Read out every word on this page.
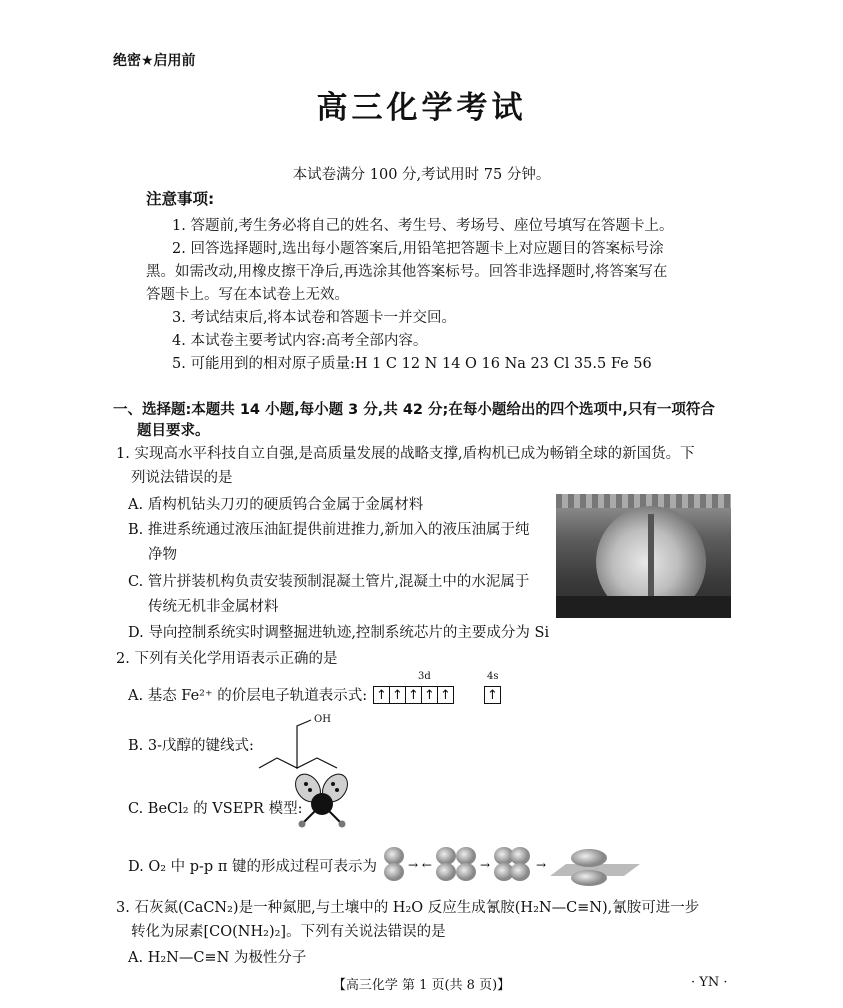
绝密★启用前
高三化学考试
本试卷满分 100 分,考试用时 75 分钟。
注意事项:
1. 答题前,考生务必将自己的姓名、考生号、考场号、座位号填写在答题卡上。
2. 回答选择题时,选出每小题答案后,用铅笔把答题卡上对应题目的答案标号涂
黑。如需改动,用橡皮擦干净后,再选涂其他答案标号。回答非选择题时,将答案写在
答题卡上。写在本试卷上无效。
3. 考试结束后,将本试卷和答题卡一并交回。
4. 本试卷主要考试内容:高考全部内容。
5. 可能用到的相对原子质量:H 1 C 12 N 14 O 16 Na 23 Cl 35.5 Fe 56
一、选择题:本题共 14 小题,每小题 3 分,共 42 分;在每小题给出的四个选项中,只有一项符合
题目要求。
1. 实现高水平科技自立自强,是高质量发展的战略支撑,盾构机已成为畅销全球的新国货。下
列说法错误的是
A. 盾构机钻头刀刃的硬质钨合金属于金属材料
B. 推进系统通过液压油缸提供前进推力,新加入的液压油属于纯
净物
C. 管片拼装机构负责安装预制混凝土管片,混凝土中的水泥属于
传统无机非金属材料
D. 导向控制系统实时调整掘进轨迹,控制系统芯片的主要成分为 Si
2. 下列有关化学用语表示正确的是
A. 基态 Fe²⁺ 的价层电子轨道表示式:
3d	4s
↑ ↑ ↑ ↑ ↑	↑
B. 3-戊醇的键线式:
OH
C. BeCl₂ 的 VSEPR 模型:
D. O₂ 中 p-p π 键的形成过程可表示为	→ ←	→	→
3. 石灰氮(CaCN₂)是一种氮肥,与土壤中的 H₂O 反应生成氰胺(H₂N—C≡N),氰胺可进一步
转化为尿素[CO(NH₂)₂]。下列有关说法错误的是
A. H₂N—C≡N 为极性分子
【高三化学 第 1 页(共 8 页)】	· YN ·
